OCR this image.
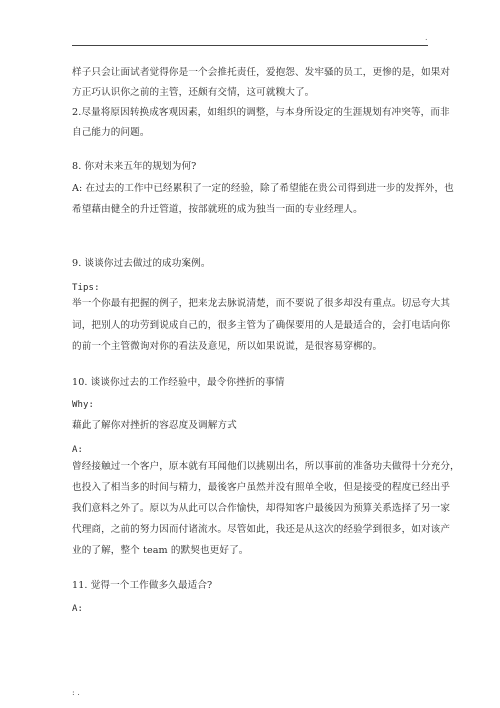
.
样子只会让面试者觉得你是一个会推托责任，爱抱怨、发牢骚的员工，更惨的是，如果对
方正巧认识你之前的主管，还颇有交情，这可就糗大了。
2.尽量将原因转换成客观因素，如组织的调整，与本身所设定的生涯规划有冲突等，而非
自己能力的问题。
8. 你对未来五年的规划为何?
A: 在过去的工作中已经累积了一定的经验，除了希望能在贵公司得到进一步的发挥外，也
希望藉由健全的升迁管道，按部就班的成为独当一面的专业经理人。
9. 谈谈你过去做过的成功案例。
Tips:
举一个你最有把握的例子，把来龙去脉说清楚，而不要说了很多却没有重点。切忌夸大其
词，把别人的功劳到说成自己的，很多主管为了确保要用的人是最适合的，会打电话向你
的前一个主管微询对你的看法及意见，所以如果说谎，是很容易穿梆的。
10. 谈谈你过去的工作经验中，最令你挫折的事情
Why:
藉此了解你对挫折的容忍度及调解方式
A:
曾经接触过一个客户，原本就有耳闻他们以挑剔出名，所以事前的准备功夫做得十分充分，
也投入了相当多的时间与精力，最後客户虽然并没有照单全收，但是接受的程度已经出乎
我们意料之外了。原以为从此可以合作愉快，却得知客户最後因为预算关系选择了另一家
代理商，之前的努力因而付诸流水。尽管如此，我还是从这次的经验学到很多，如对该产
业的了解，整个 team 的默契也更好了。
11. 觉得一个工作做多久最适合?
A:
: .
